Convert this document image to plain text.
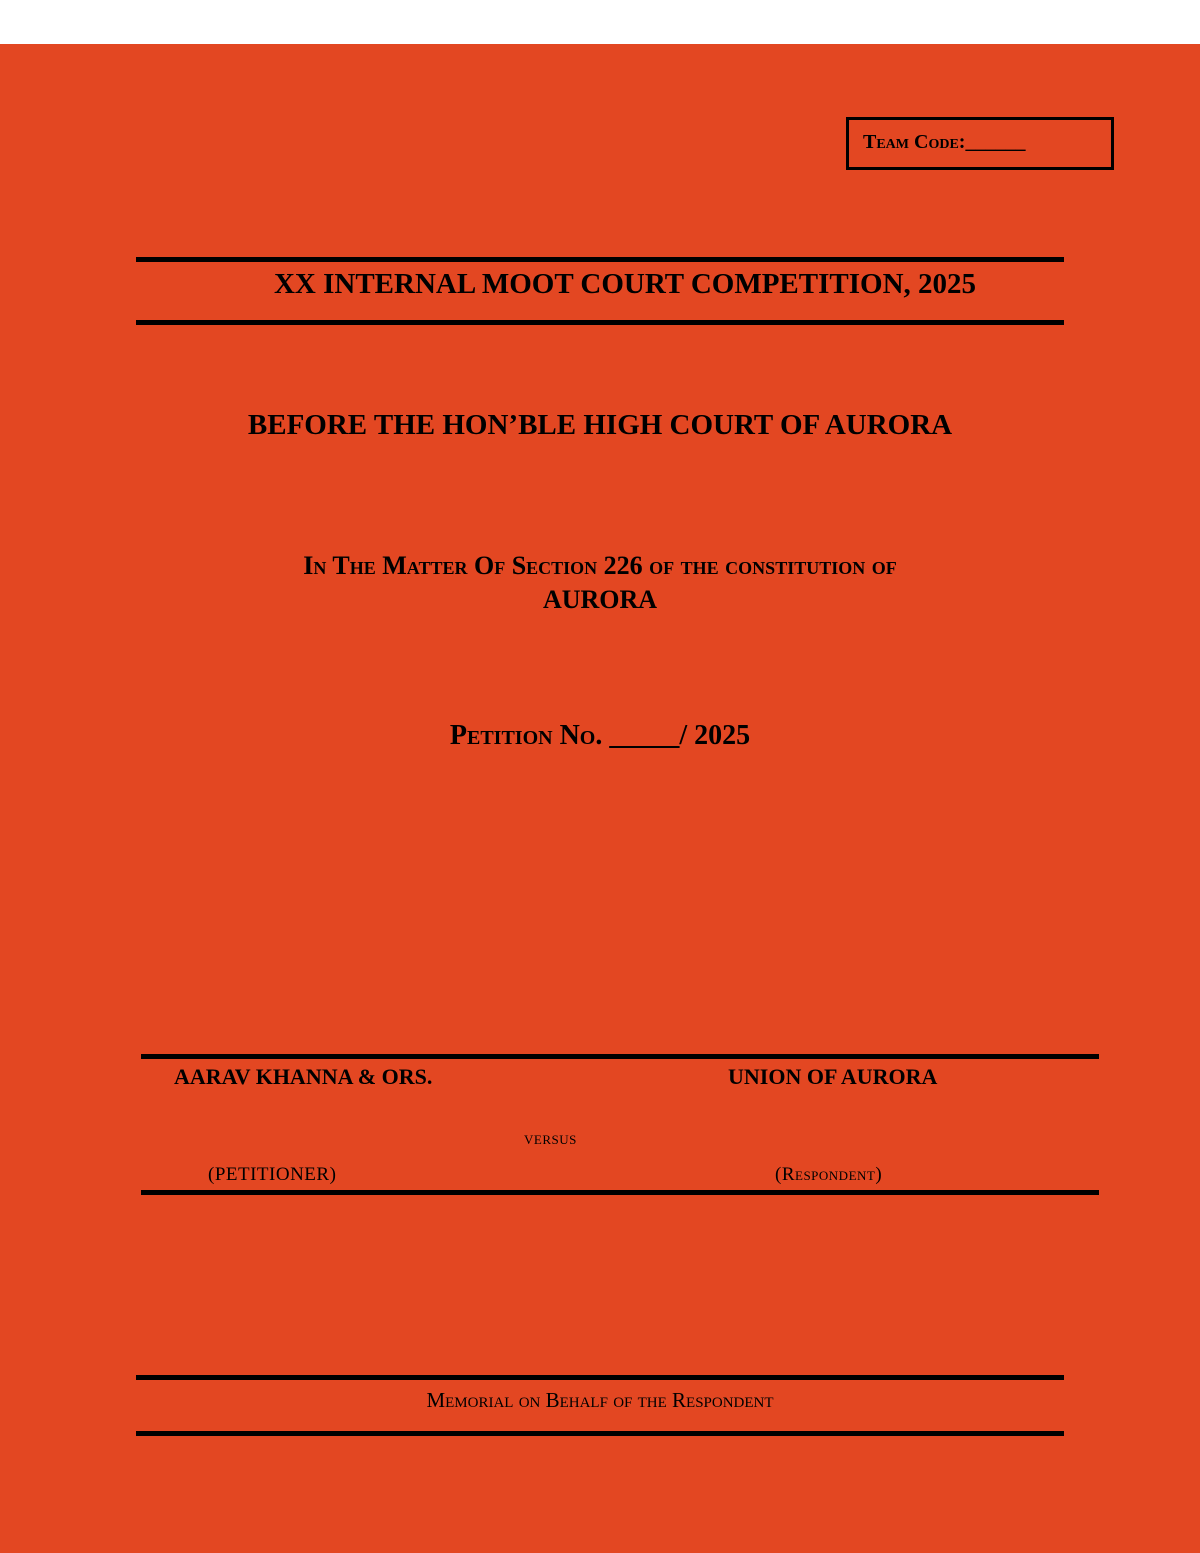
Team Code:______
XX INTERNAL MOOT COURT COMPETITION, 2025
BEFORE THE HON’BLE HIGH COURT OF AURORA
In The Matter Of Section 226 of the constitution of
AURORA
Petition No. _____/ 2025
AARAV KHANNA & ORS.	UNION OF AURORA
versus
(PETITIONER)	(Respondent)
Memorial on Behalf of the Respondent
